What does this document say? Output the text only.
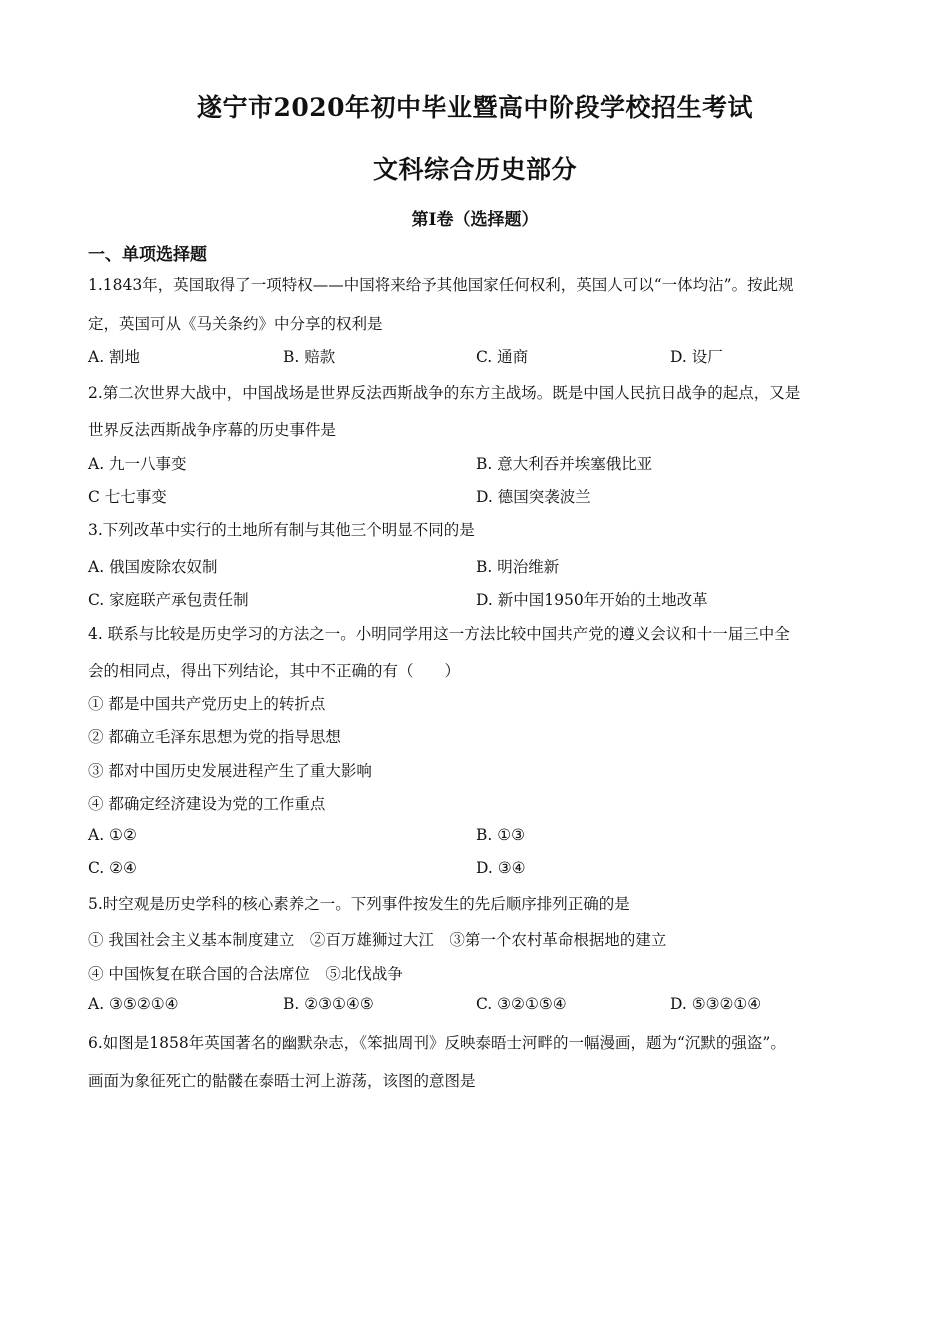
遂宁市2020年初中毕业暨高中阶段学校招生考试
文科综合历史部分
第Ⅰ卷（选择题）
一、单项选择题
1.1843年，英国取得了一项特权——中国将来给予其他国家任何权利，英国人可以“一体均沾”。按此规
定，英国可从《马关条约》中分享的权利是
A. 割地	B. 赔款	C. 通商	D. 设厂
2.第二次世界大战中，中国战场是世界反法西斯战争的东方主战场。既是中国人民抗日战争的起点，又是
世界反法西斯战争序幕的历史事件是
A. 九一八事变	B. 意大利吞并埃塞俄比亚
C 七七事变	D. 德国突袭波兰
3.下列改革中实行的土地所有制与其他三个明显不同的是
A. 俄国废除农奴制	B. 明治维新
C. 家庭联产承包责任制	D. 新中国1950年开始的土地改革
4. 联系与比较是历史学习的方法之一。小明同学用这一方法比较中国共产党的遵义会议和十一届三中全
会的相同点，得出下列结论，其中不正确的有（　　）
① 都是中国共产党历史上的转折点
② 都确立毛泽东思想为党的指导思想
③ 都对中国历史发展进程产生了重大影响
④ 都确定经济建设为党的工作重点
A. ①②	B. ①③
C. ②④	D. ③④
5.时空观是历史学科的核心素养之一。下列事件按发生的先后顺序排列正确的是
① 我国社会主义基本制度建立　②百万雄狮过大江　③第一个农村革命根据地的建立
④ 中国恢复在联合国的合法席位　⑤北伐战争
A. ③⑤②①④	B. ②③①④⑤	C. ③②①⑤④	D. ⑤③②①④
6.如图是1858年英国著名的幽默杂志，《笨拙周刊》反映泰晤士河畔的一幅漫画，题为“沉默的强盗”。
画面为象征死亡的骷髅在泰晤士河上游荡，该图的意图是
